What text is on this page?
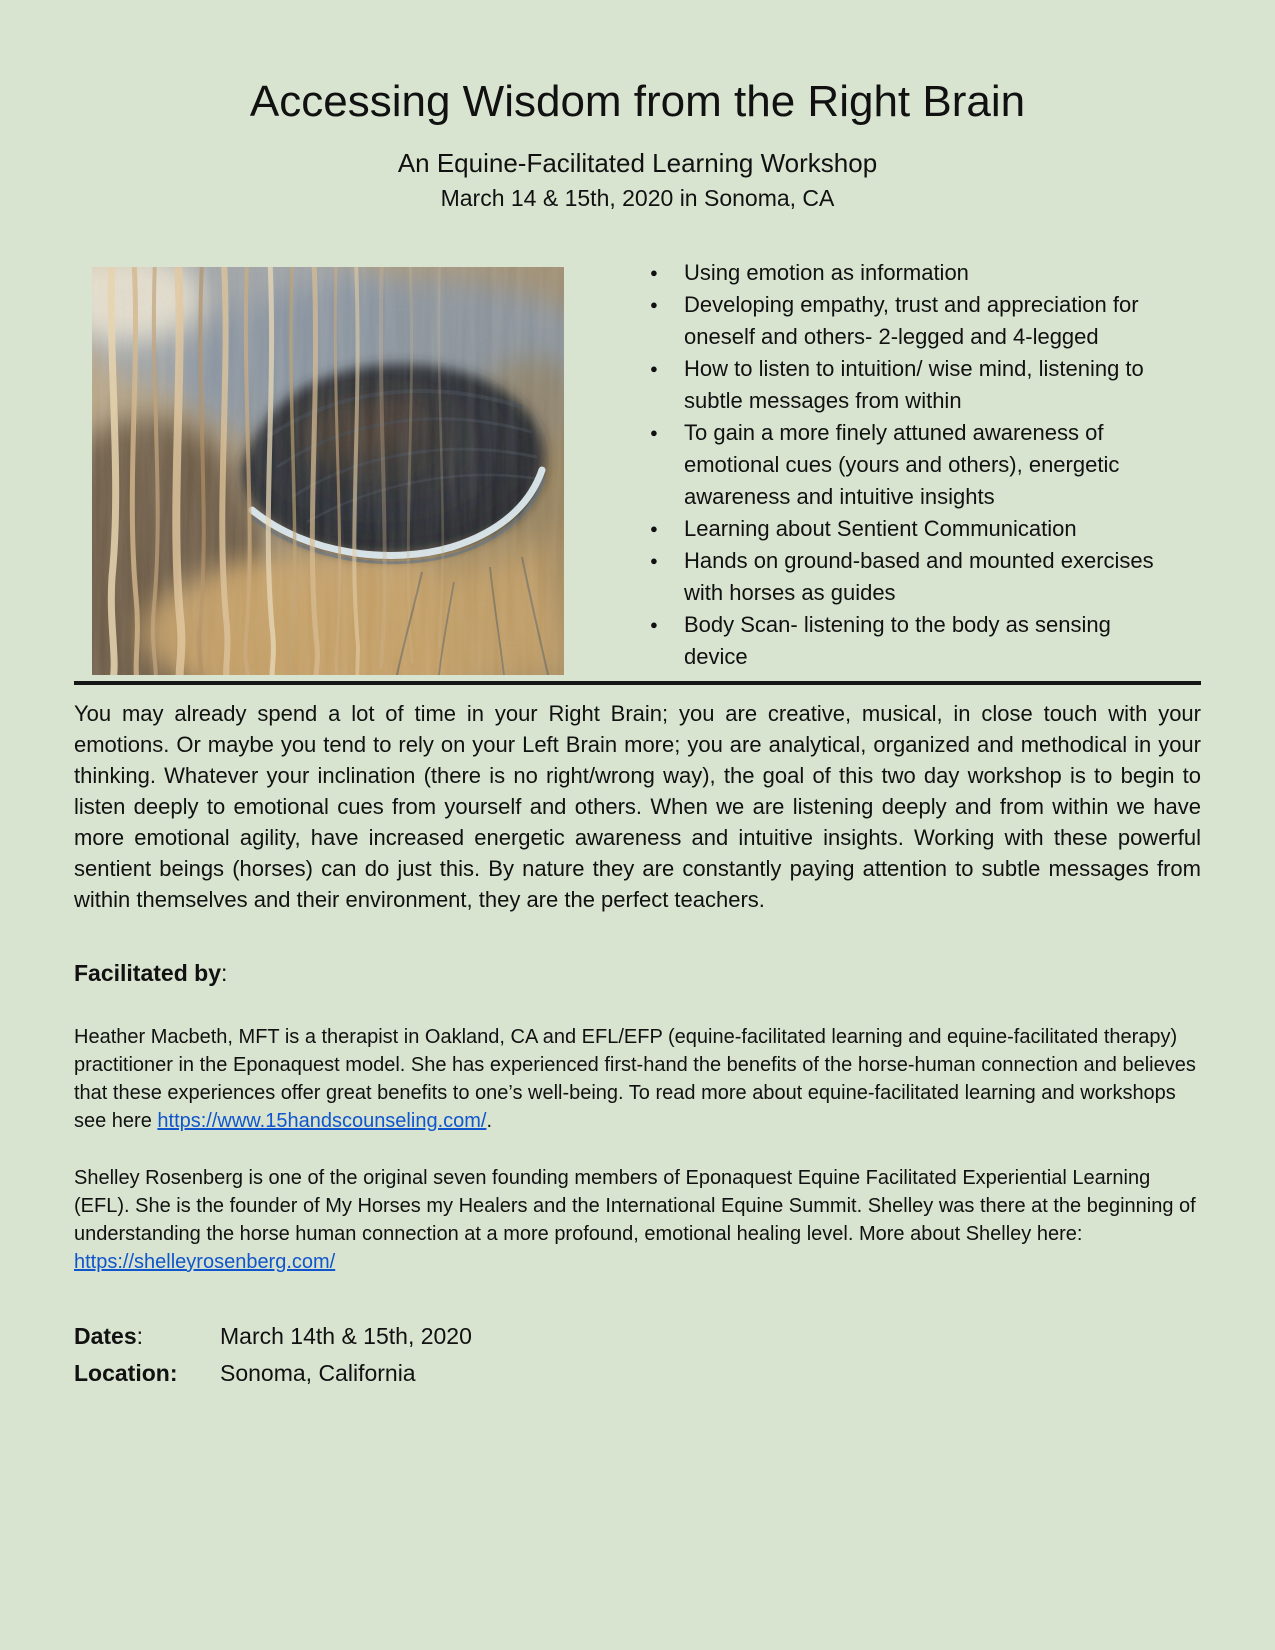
Accessing Wisdom from the Right Brain
An Equine-Facilitated Learning Workshop
March 14 & 15th, 2020 in Sonoma, CA
● Using emotion as information
● Developing empathy, trust and appreciation for oneself and others- 2-legged and 4-legged
● How to listen to intuition/ wise mind, listening to subtle messages from within
● To gain a more finely attuned awareness of emotional cues (yours and others), energetic awareness and intuitive insights
● Learning about Sentient Communication
● Hands on ground-based and mounted exercises with horses as guides
● Body Scan- listening to the body as sensing device

You may already spend a lot of time in your Right Brain; you are creative, musical, in close touch with your emotions. Or maybe you tend to rely on your Left Brain more; you are analytical, organized and methodical in your thinking. Whatever your inclination (there is no right/wrong way), the goal of this two day workshop is to begin to listen deeply to emotional cues from yourself and others. When we are listening deeply and from within we have more emotional agility, have increased energetic awareness and intuitive insights. Working with these powerful sentient beings (horses) can do just this. By nature they are constantly paying attention to subtle messages from within themselves and their environment, they are the perfect teachers.

Facilitated by:

Heather Macbeth, MFT is a therapist in Oakland, CA and EFL/EFP (equine-facilitated learning and equine-facilitated therapy) practitioner in the Eponaquest model. She has experienced first-hand the benefits of the horse-human connection and believes that these experiences offer great benefits to one’s well-being. To read more about equine-facilitated learning and workshops see here https://www.15handscounseling.com/.

Shelley Rosenberg is one of the original seven founding members of Eponaquest Equine Facilitated Experiential Learning (EFL). She is the founder of My Horses my Healers and the International Equine Summit. Shelley was there at the beginning of understanding the horse human connection at a more profound, emotional healing level. More about Shelley here: https://shelleyrosenberg.com/

Dates:	March 14th & 15th, 2020
Location: Sonoma, California
